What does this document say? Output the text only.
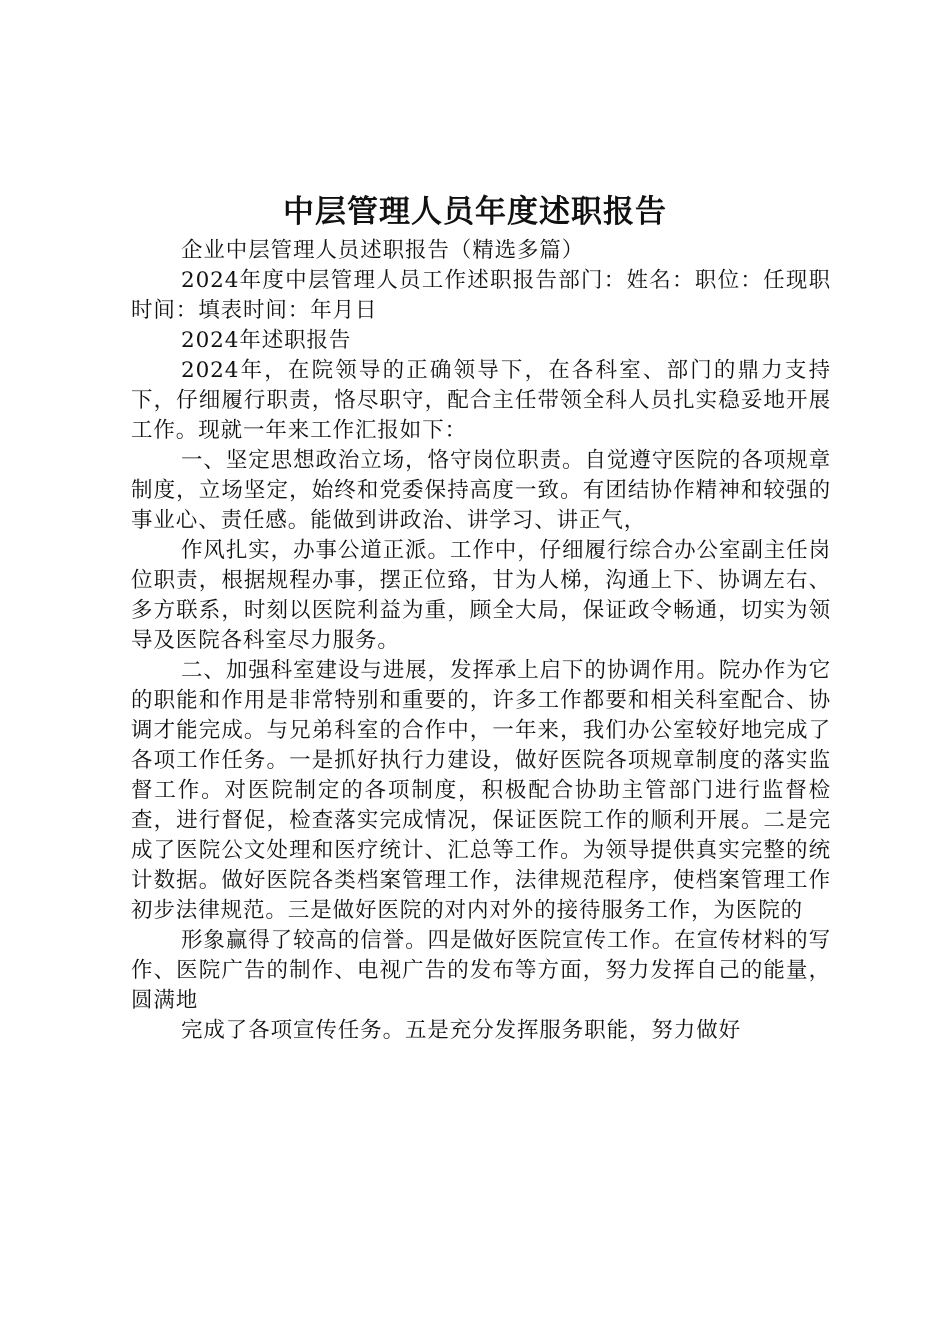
中层管理人员年度述职报告

企业中层管理人员述职报告（精选多篇）

2024年度中层管理人员工作述职报告部门：姓名：职位：任现职时间：填表时间：年月日

2024年述职报告

2024年，在院领导的正确领导下，在各科室、部门的鼎力支持下，仔细履行职责，恪尽职守，配合主任带领全科人员扎实稳妥地开展工作。现就一年来工作汇报如下：

一、坚定思想政治立场，恪守岗位职责。自觉遵守医院的各项规章制度，立场坚定，始终和党委保持高度一致。有团结协作精神和较强的事业心、责任感。能做到讲政治、讲学习、讲正气，

作风扎实，办事公道正派。工作中，仔细履行综合办公室副主任岗位职责，根据规程办事，摆正位臵，甘为人梯，沟通上下、协调左右、多方联系，时刻以医院利益为重，顾全大局，保证政令畅通，切实为领导及医院各科室尽力服务。

二、加强科室建设与进展，发挥承上启下的协调作用。院办作为它的职能和作用是非常特别和重要的，许多工作都要和相关科室配合、协调才能完成。与兄弟科室的合作中，一年来，我们办公室较好地完成了各项工作任务。一是抓好执行力建设，做好医院各项规章制度的落实监督工作。对医院制定的各项制度，积极配合协助主管部门进行监督检查，进行督促，检查落实完成情况，保证医院工作的顺利开展。二是完成了医院公文处理和医疗统计、汇总等工作。为领导提供真实完整的统计数据。做好医院各类档案管理工作，法律规范程序，使档案管理工作初步法律规范。三是做好医院的对内对外的接待服务工作，为医院的

形象赢得了较高的信誉。四是做好医院宣传工作。在宣传材料的写作、医院广告的制作、电视广告的发布等方面，努力发挥自己的能量，圆满地

完成了各项宣传任务。五是充分发挥服务职能，努力做好
